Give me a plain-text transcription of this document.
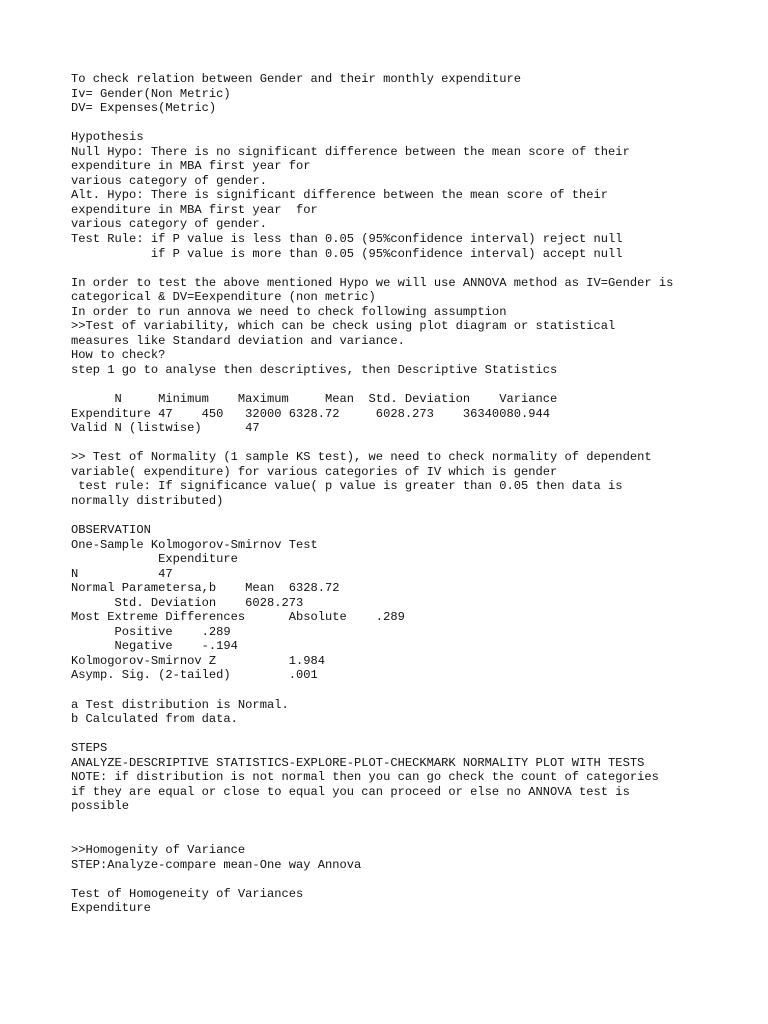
To check relation between Gender and their monthly expenditure
Iv= Gender(Non Metric)
DV= Expenses(Metric)
Hypothesis
Null Hypo: There is no significant difference between the mean score of their
expenditure in MBA first year for
various category of gender.
Alt. Hypo: There is significant difference between the mean score of their
expenditure in MBA first year  for
various category of gender.
Test Rule: if P value is less than 0.05 (95%confidence interval) reject null
if P value is more than 0.05 (95%confidence interval) accept null
In order to test the above mentioned Hypo we will use ANNOVA method as IV=Gender is
categorical & DV=Eexpenditure (non metric)
In order to run annova we need to check following assumption
>>Test of variability, which can be check using plot diagram or statistical
measures like Standard deviation and variance.
How to check?
step 1 go to analyse then descriptives, then Descriptive Statistics
N     Minimum    Maximum     Mean  Std. Deviation    Variance
Expenditure 47    450   32000 6328.72     6028.273    36340080.944
Valid N (listwise)      47
>> Test of Normality (1 sample KS test), we need to check normality of dependent
variable( expenditure) for various categories of IV which is gender
test rule: If significance value( p value is greater than 0.05 then data is
normally distributed)
OBSERVATION
One-Sample Kolmogorov-Smirnov Test
Expenditure
N           47
Normal Parametersa,b    Mean  6328.72
Std. Deviation    6028.273
Most Extreme Differences      Absolute    .289
Positive    .289
Negative    -.194
Kolmogorov-Smirnov Z          1.984
Asymp. Sig. (2-tailed)        .001
a Test distribution is Normal.
b Calculated from data.
STEPS
ANALYZE-DESCRIPTIVE STATISTICS-EXPLORE-PLOT-CHECKMARK NORMALITY PLOT WITH TESTS
NOTE: if distribution is not normal then you can go check the count of categories
if they are equal or close to equal you can proceed or else no ANNOVA test is
possible
>>Homogenity of Variance
STEP:Analyze-compare mean-One way Annova
Test of Homogeneity of Variances
Expenditure
